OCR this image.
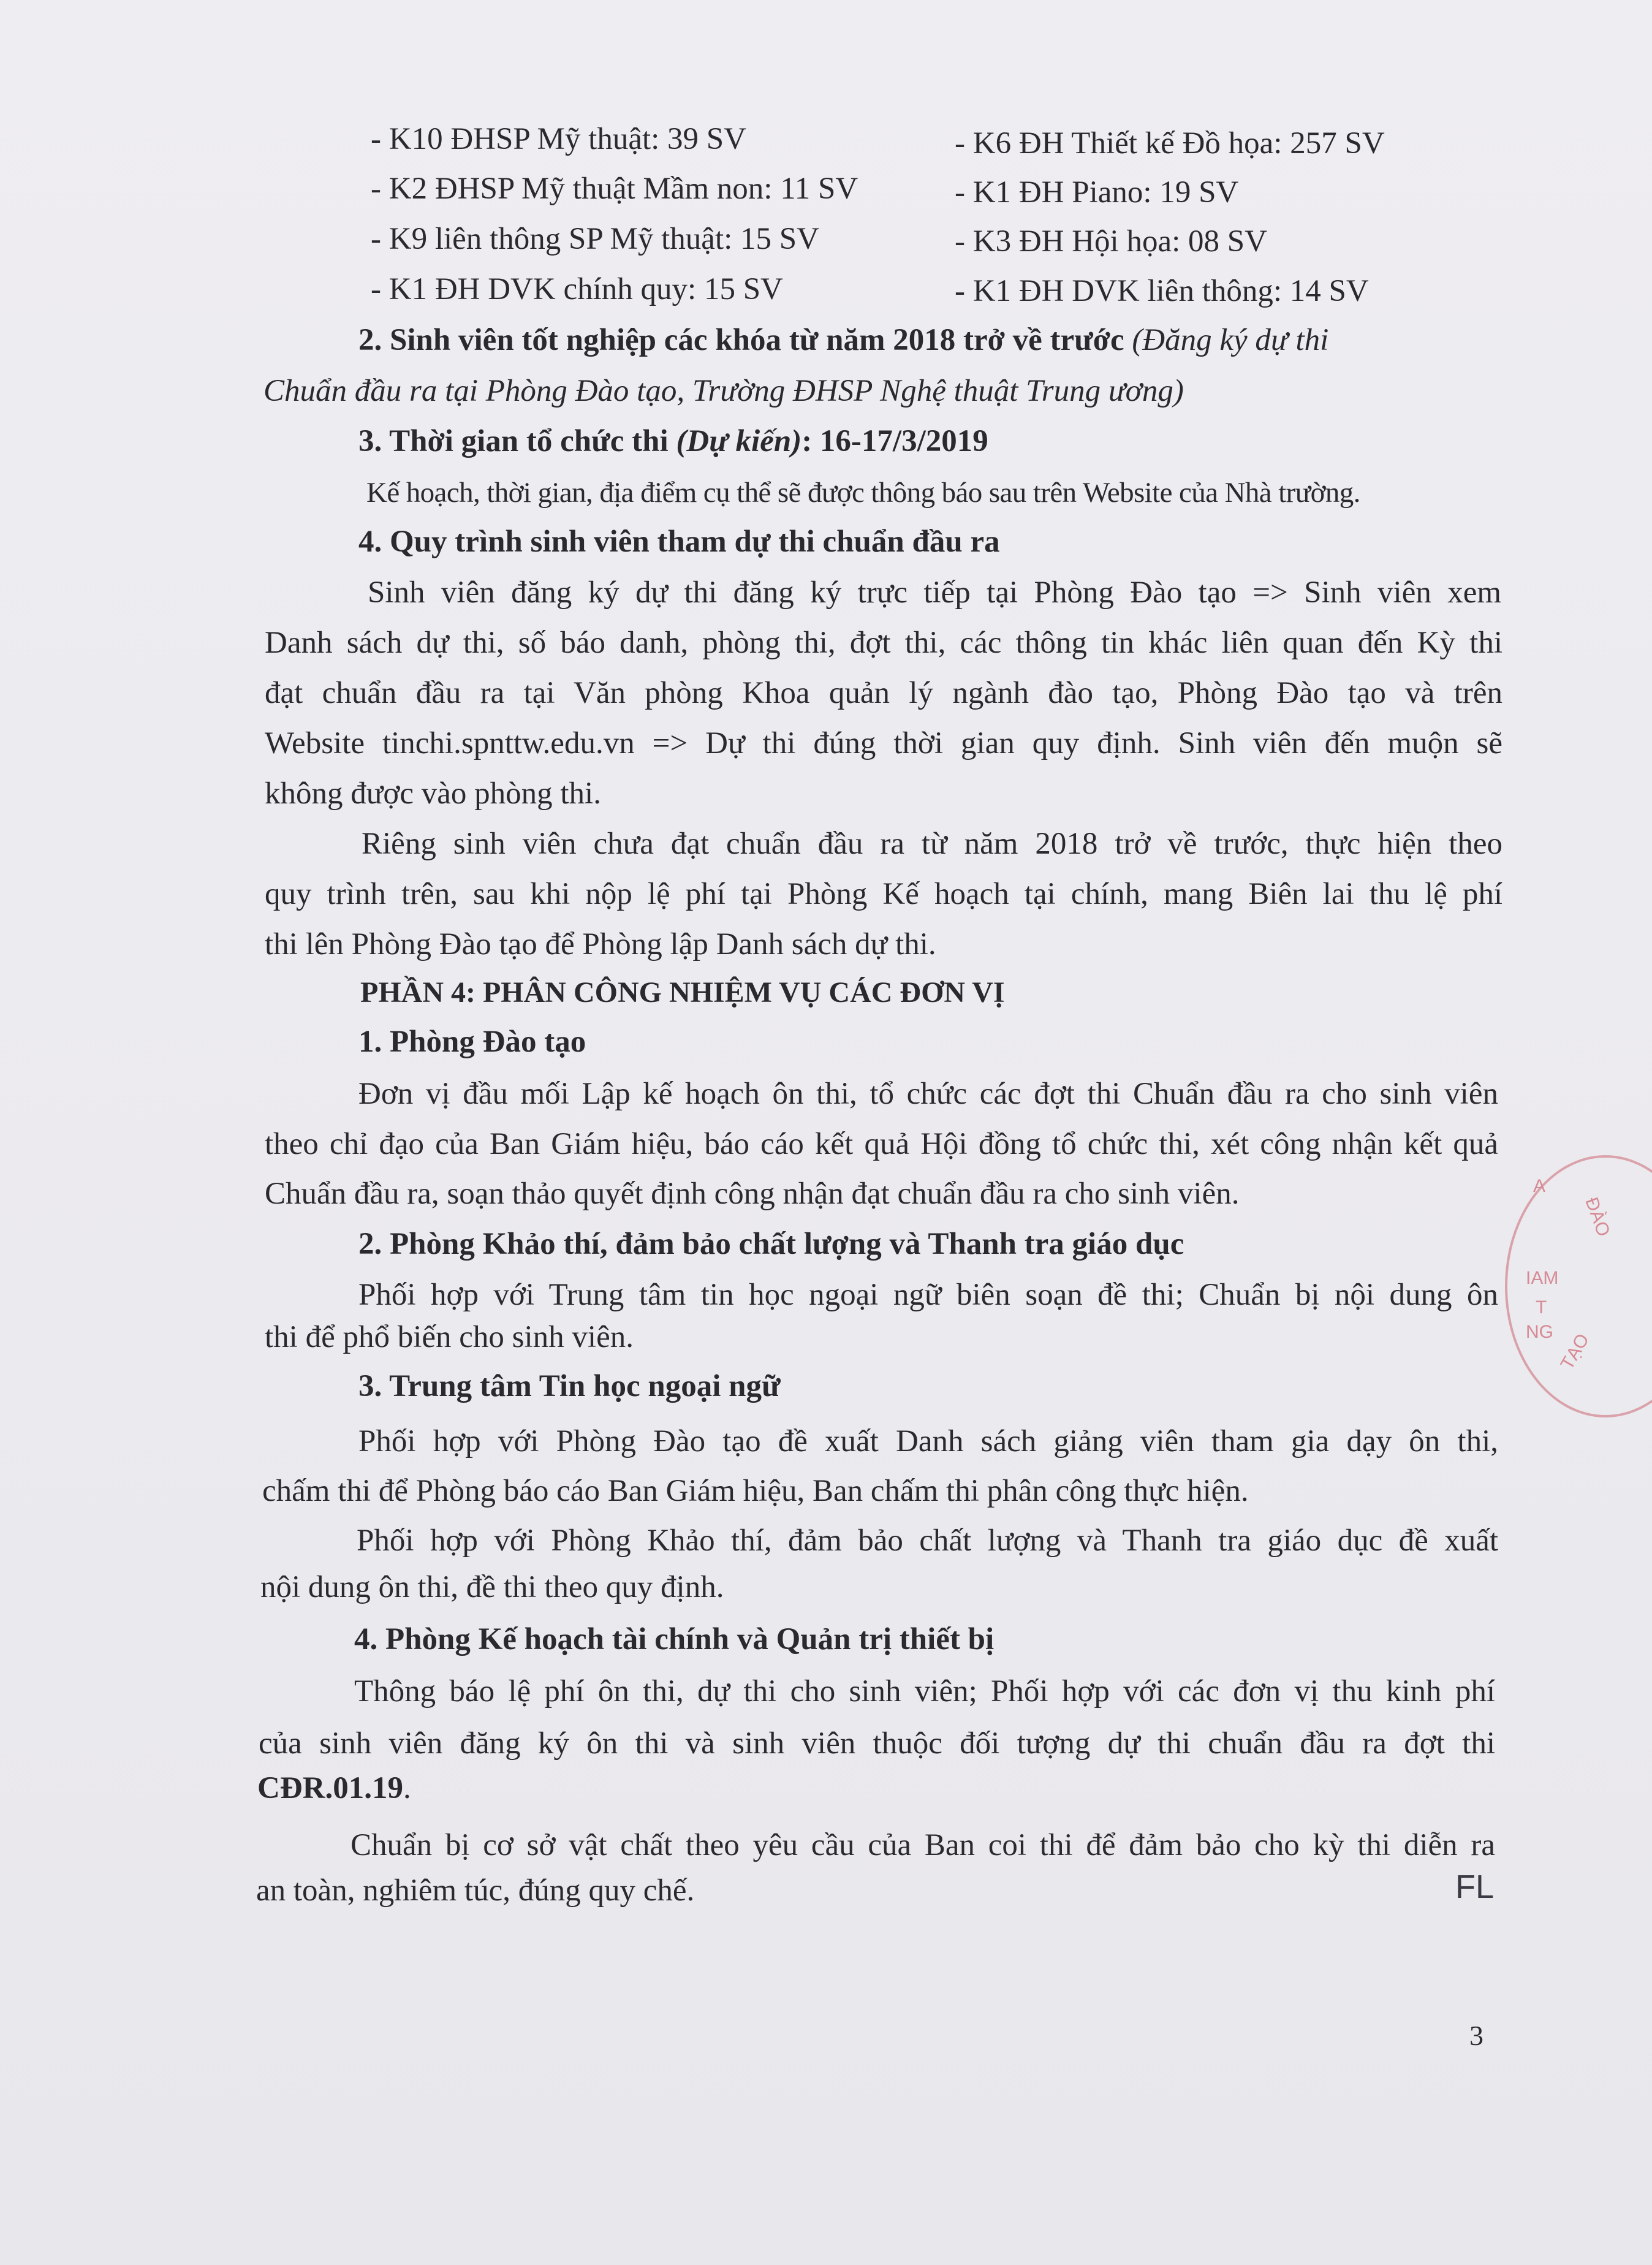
- K10 ĐHSP Mỹ thuật: 39 SV
- K2 ĐHSP Mỹ thuật Mầm non: 11 SV
- K9 liên thông SP Mỹ thuật: 15 SV
- K1 ĐH DVK chính quy: 15 SV
- K6 ĐH Thiết kế Đồ họa: 257 SV
- K1 ĐH Piano: 19 SV
- K3 ĐH Hội họa: 08 SV
- K1 ĐH DVK liên thông: 14 SV
2. Sinh viên tốt nghiệp các khóa từ năm 2018 trở về trước (Đăng ký dự thi
Chuẩn đầu ra tại Phòng Đào tạo, Trường ĐHSP Nghệ thuật Trung ương)
3. Thời gian tổ chức thi (Dự kiến): 16-17/3/2019
Kế hoạch, thời gian, địa điểm cụ thể sẽ được thông báo sau trên Website của Nhà trường.
4. Quy trình sinh viên tham dự thi chuẩn đầu ra
Sinh viên đăng ký dự thi đăng ký trực tiếp tại Phòng Đào tạo => Sinh viên xem
Danh sách dự thi, số báo danh, phòng thi, đợt thi, các thông tin khác liên quan đến Kỳ thi
đạt chuẩn đầu ra tại Văn phòng Khoa quản lý ngành đào tạo, Phòng Đào tạo và trên
Website tinchi.spnttw.edu.vn => Dự thi đúng thời gian quy định. Sinh viên đến muộn sẽ
không được vào phòng thi.
Riêng sinh viên chưa đạt chuẩn đầu ra từ năm 2018 trở về trước, thực hiện theo
quy trình trên, sau khi nộp lệ phí tại Phòng Kế hoạch tại chính, mang Biên lai thu lệ phí
thi lên Phòng Đào tạo để Phòng lập Danh sách dự thi.
PHẦN 4: PHÂN CÔNG NHIỆM VỤ CÁC ĐƠN VỊ
1. Phòng Đào tạo
Đơn vị đầu mối Lập kế hoạch ôn thi, tổ chức các đợt thi Chuẩn đầu ra cho sinh viên
theo chỉ đạo của Ban Giám hiệu, báo cáo kết quả Hội đồng tổ chức thi, xét công nhận kết quả
Chuẩn đầu ra, soạn thảo quyết định công nhận đạt chuẩn đầu ra cho sinh viên.
2. Phòng Khảo thí, đảm bảo chất lượng và Thanh tra giáo dục
Phối hợp với Trung tâm tin học ngoại ngữ biên soạn đề thi; Chuẩn bị nội dung ôn
thi để phổ biến cho sinh viên.
3. Trung tâm Tin học ngoại ngữ
Phối hợp với Phòng Đào tạo đề xuất Danh sách giảng viên tham gia dạy ôn thi,
chấm thi để Phòng báo cáo Ban Giám hiệu, Ban chấm thi phân công thực hiện.
Phối hợp với Phòng Khảo thí, đảm bảo chất lượng và Thanh tra giáo dục đề xuất
nội dung ôn thi, đề thi theo quy định.
4. Phòng Kế hoạch tài chính và Quản trị thiết bị
Thông báo lệ phí ôn thi, dự thi cho sinh viên; Phối hợp với các đơn vị thu kinh phí
của sinh viên đăng ký ôn thi và sinh viên thuộc đối tượng dự thi chuẩn đầu ra đợt thi
CĐR.01.19.
Chuẩn bị cơ sở vật chất theo yêu cầu của Ban coi thi để đảm bảo cho kỳ thi diễn ra
an toàn, nghiêm túc, đúng quy chế.
A
ĐÀO
IAM
T
NG TẠO
FL
3
